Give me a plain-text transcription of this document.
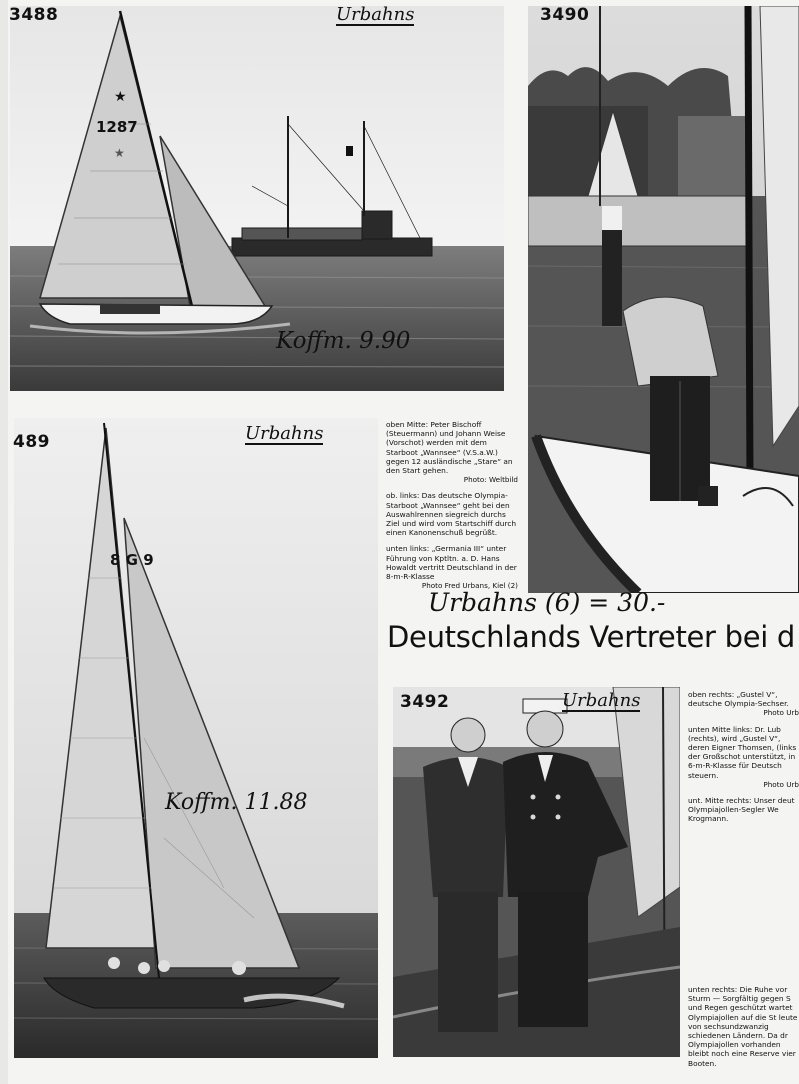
★
1287
★
3488	Urbahns
Koffm. 9.90
3490
8 G 9
489	Urbahns
Koffm. 11.88

oben Mitte: Peter Bischoff (Steuermann) und Johann Weise (Vorschot) werden mit dem Starboot „Wannsee“ (V.S.a.W.) gegen 12 ausländische „Stare“ an den Start gehen.
Photo: Weltbild

ob. links: Das deutsche Olympia-Starboot „Wannsee“ geht bei den Auswahlrennen siegreich durchs Ziel und wird vom Startschiff durch einen Kanonenschuß begrüßt.

unten links: „Germania III“ unter Führung von Kptltn. a. D. Hans Howaldt vertritt Deutschland in der 8-m-R-Klasse
Photo Fred Urbans, Kiel (2)

Urbahns (6) = 30.-
Deutschlands Vertreter bei d
3492	Urbahns	oben rechts: „Gustel V“, deutsche Olympia-Sechser.
Photo Urb

unten Mitte links: Dr. Lub (rechts), wird „Gustel V“, deren Eigner Thomsen, (links der Großschot unterstützt, in 6-m-R-Klasse für Deutsch steuern.
Photo Urb

unt. Mitte rechts: Unser deut Olympiajollen-Segler We Krogmann.

unten rechts: Die Ruhe vor Sturm — Sorgfältig gegen S und Regen geschützt wartet Olympiajollen auf die St leute von sechsundzwanzig schiedenen Ländern. Da dr Olympiajollen vorhanden bleibt noch eine Reserve vier Booten.
